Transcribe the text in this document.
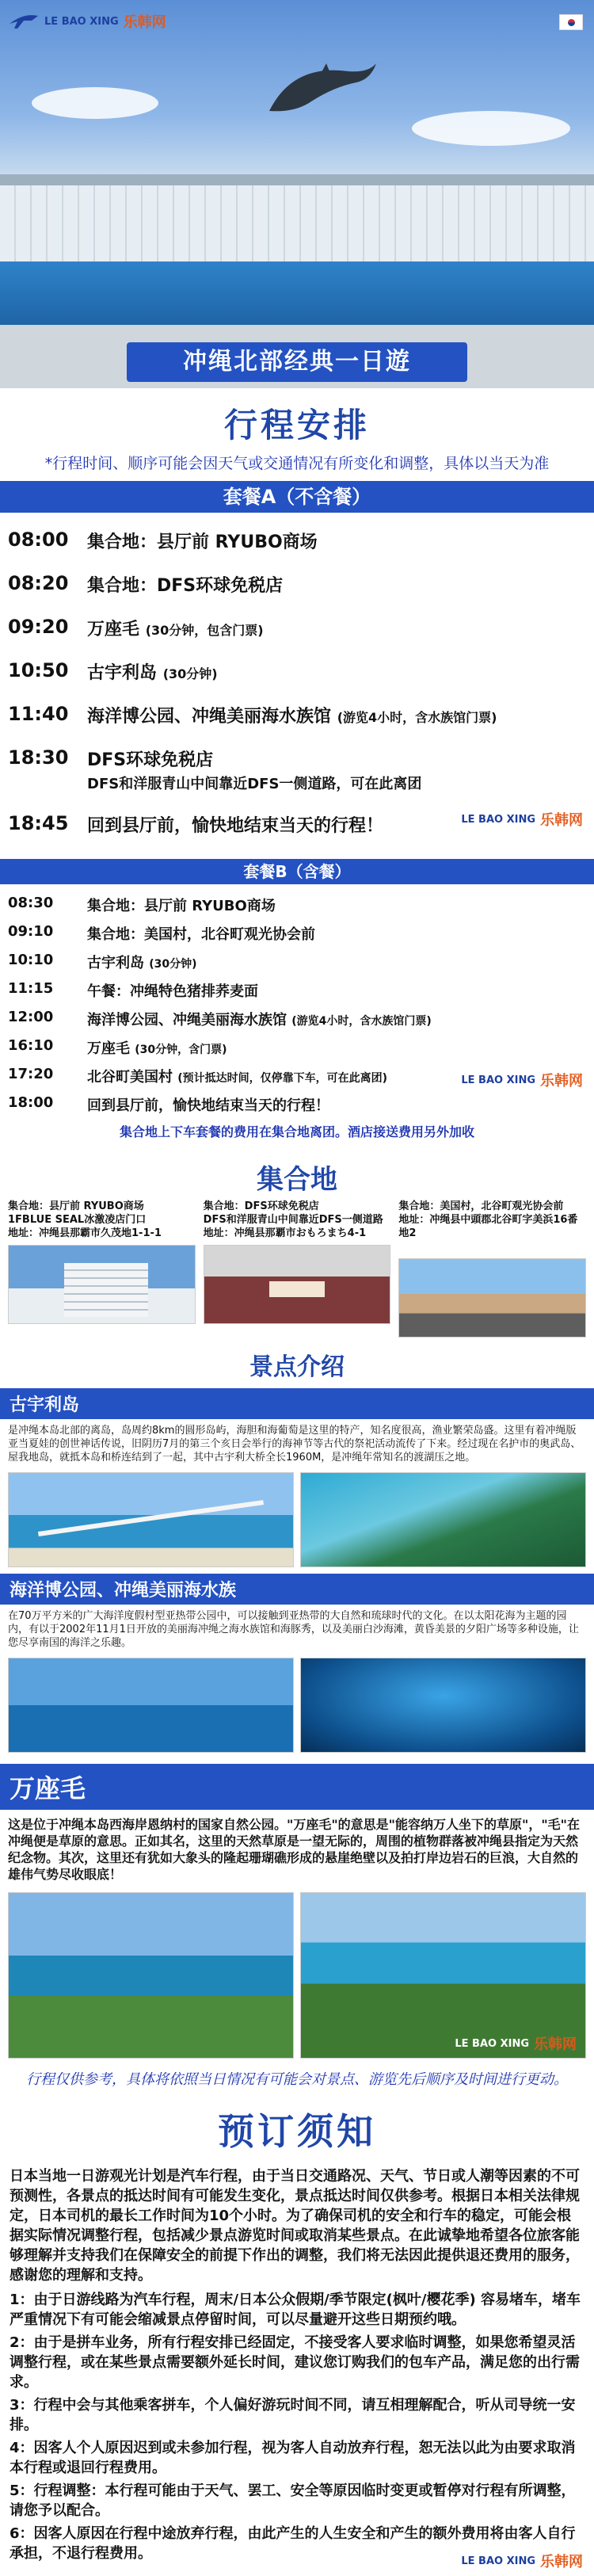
LE BAO XING 乐韩网
冲绳北部经典一日遊
行程安排
*行程时间、顺序可能会因天气或交通情况有所变化和调整，具体以当天为准
套餐A（不含餐）
08:00	集合地：县厅前 RYUBO商场
08:20	集合地：DFS环球免税店
09:20	万座毛 (30分钟，包含门票)
10:50	古宇利岛 (30分钟)
11:40	海洋博公园、冲绳美丽海水族馆 (游览4小时，含水族馆门票)
18:30	DFS环球免税店
DFS和洋服青山中间靠近DFS一侧道路，可在此离团
18:45	回到县厅前，愉快地结束当天的行程！	LE BAO XING 乐韩网
套餐B（含餐）
08:30	集合地：县厅前 RYUBO商场
09:10	集合地：美国村，北谷町观光协会前
10:10	古宇利岛 (30分钟)
11:15	午餐：冲绳特色猪排荞麦面
12:00	海洋博公园、冲绳美丽海水族馆 (游览4小时，含水族馆门票)
16:10	万座毛 (30分钟，含门票)
17:20	北谷町美国村 (预计抵达时间，仅停靠下车，可在此离团)
18:00	回到县厅前，愉快地结束当天的行程！
LE BAO XING 乐韩网
集合地上下车套餐的费用在集合地离团。酒店接送费用另外加收
集合地
集合地：县厅前 RYUBO商场
1FBLUE SEAL冰激凌店门口
地址：冲绳县那霸市久茂地1-1-1
集合地：DFS环球免税店
DFS和洋服青山中间靠近DFS一侧道路
地址：冲绳县那覇市おもろまち4-1
集合地：美国村，北谷町观光协会前
地址：冲绳县中頭郡北谷町字美浜16番地2
景点介绍
古宇利岛
是冲绳本岛北部的离岛，岛周约8km的圆形岛屿，海胆和海葡萄是这里的特产，知名度很高，渔业繁荣岛盛。这里有着冲绳版亚当夏娃的创世神话传说，旧阴历7月的第三个亥日会举行的海神节等古代的祭祀活动流传了下来。经过现在名护市的奥武岛、屋我地岛，就抵本岛和桥连结到了一起，其中古宇利大桥全长1960M，是冲绳年常知名的渡湖压之地。
海洋博公园、冲绳美丽海水族
在70万平方米的广大海洋度假村型亚热带公园中，可以接触到亚热带的大自然和琉球时代的文化。在以太阳花海为主题的园内，有以于2002年11月1日开放的美丽海冲绳之海水族馆和海豚秀，以及美丽白沙海滩，黄昏美景的夕阳广场等多种设施，让您尽享南国的海洋之乐趣。
万座毛
这是位于冲绳本岛西海岸恩纳村的国家自然公园。"万座毛"的意思是"能容纳万人坐下的草原"，"毛"在冲绳便是草原的意思。正如其名，这里的天然草原是一望无际的，周围的植物群落被冲绳县指定为天然纪念物。其次，这里还有犹如大象头的隆起珊瑚礁形成的悬崖绝壁以及拍打岸边岩石的巨浪，大自然的雄伟气势尽收眼底！
LE BAO XING 乐韩网
行程仅供参考，具体将依照当日情况有可能会对景点、游览先后顺序及时间进行更动。
预订须知
日本当地一日游观光计划是汽车行程，由于当日交通路况、天气、节日或人潮等因素的不可预测性，各景点的抵达时间有可能发生变化，景点抵达时间仅供参考。根据日本相关法律规定，日本司机的最长工作时间为10个小时。为了确保司机的安全和行车的稳定，可能会根据实际情况调整行程，包括减少景点游览时间或取消某些景点。在此诚挚地希望各位旅客能够理解并支持我们在保障安全的前提下作出的调整，我们将无法因此提供退还费用的服务，感谢您的理解和支持。
1：由于日游线路为汽车行程，周末/日本公众假期/季节限定(枫叶/樱花季) 容易堵车，堵车严重情况下有可能会缩减景点停留时间，可以尽量避开这些日期预约哦。
2：由于是拼车业务，所有行程安排已经固定，不接受客人要求临时调整，如果您希望灵活调整行程，或在某些景点需要额外延长时间，建议您订购我们的包车产品，满足您的出行需求。
3：行程中会与其他乘客拼车，个人偏好游玩时间不同，请互相理解配合，听从司导统一安排。
4：因客人个人原因迟到或未参加行程，视为客人自动放弃行程，恕无法以此为由要求取消本行程或退回行程费用。
5：行程调整：本行程可能由于天气、罢工、安全等原因临时变更或暂停对行程有所调整，请您予以配合。
6：因客人原因在行程中途放弃行程，由此产生的人生安全和产生的额外费用将由客人自行承担，不退行程费用。	LE BAO XING 乐韩网
